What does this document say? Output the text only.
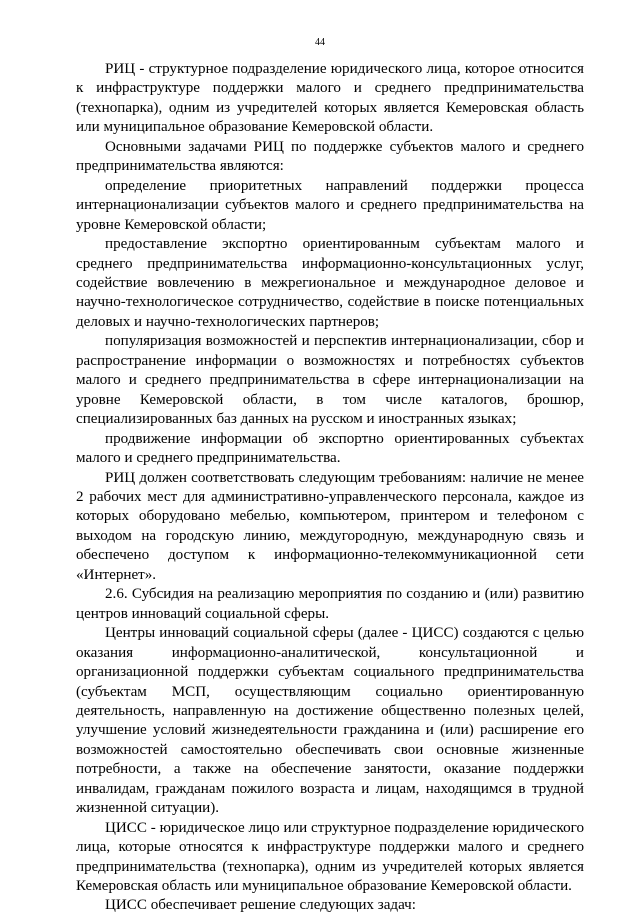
44

РИЦ - структурное подразделение юридического лица, которое относится к инфраструктуре поддержки малого и среднего предпринимательства (технопарка), одним из учредителей которых является Кемеровская область или муниципальное образование Кемеровской области.

Основными задачами РИЦ по поддержке субъектов малого и среднего предпринимательства являются:

определение приоритетных направлений поддержки процесса интернационализации субъектов малого и среднего предпринимательства на уровне Кемеровской области;

предоставление экспортно ориентированным субъектам малого и среднего предпринимательства информационно-консультационных услуг, содействие вовлечению в межрегиональное и международное деловое и научно-технологическое сотрудничество, содействие в поиске потенциальных деловых и научно-технологических партнеров;

популяризация возможностей и перспектив интернационализации, сбор и распространение информации о возможностях и потребностях субъектов малого и среднего предпринимательства в сфере интернационализации на уровне Кемеровской области, в том числе каталогов, брошюр, специализированных баз данных на русском и иностранных языках;

продвижение информации об экспортно ориентированных субъектах малого и среднего предпринимательства.

РИЦ должен соответствовать следующим требованиям: наличие не менее 2 рабочих мест для административно-управленческого персонала, каждое из которых оборудовано мебелью, компьютером, принтером и телефоном с выходом на городскую линию, междугородную, международную связь и обеспечено доступом к информационно-телекоммуникационной сети «Интернет».

2.6. Субсидия на реализацию мероприятия по созданию и (или) развитию центров инноваций социальной сферы.

Центры инноваций социальной сферы (далее - ЦИСС) создаются с целью оказания информационно-аналитической, консультационной и организационной поддержки субъектам социального предпринимательства (субъектам МСП, осуществляющим социально ориентированную деятельность, направленную на достижение общественно полезных целей, улучшение условий жизнедеятельности гражданина и (или) расширение его возможностей самостоятельно обеспечивать свои основные жизненные потребности, а также на обеспечение занятости, оказание поддержки инвалидам, гражданам пожилого возраста и лицам, находящимся в трудной жизненной ситуации).

ЦИСС - юридическое лицо или структурное подразделение юридического лица, которые относятся к инфраструктуре поддержки малого и среднего предпринимательства (технопарка), одним из учредителей которых является Кемеровская область или муниципальное образование Кемеровской области.

ЦИСС обеспечивает решение следующих задач:
